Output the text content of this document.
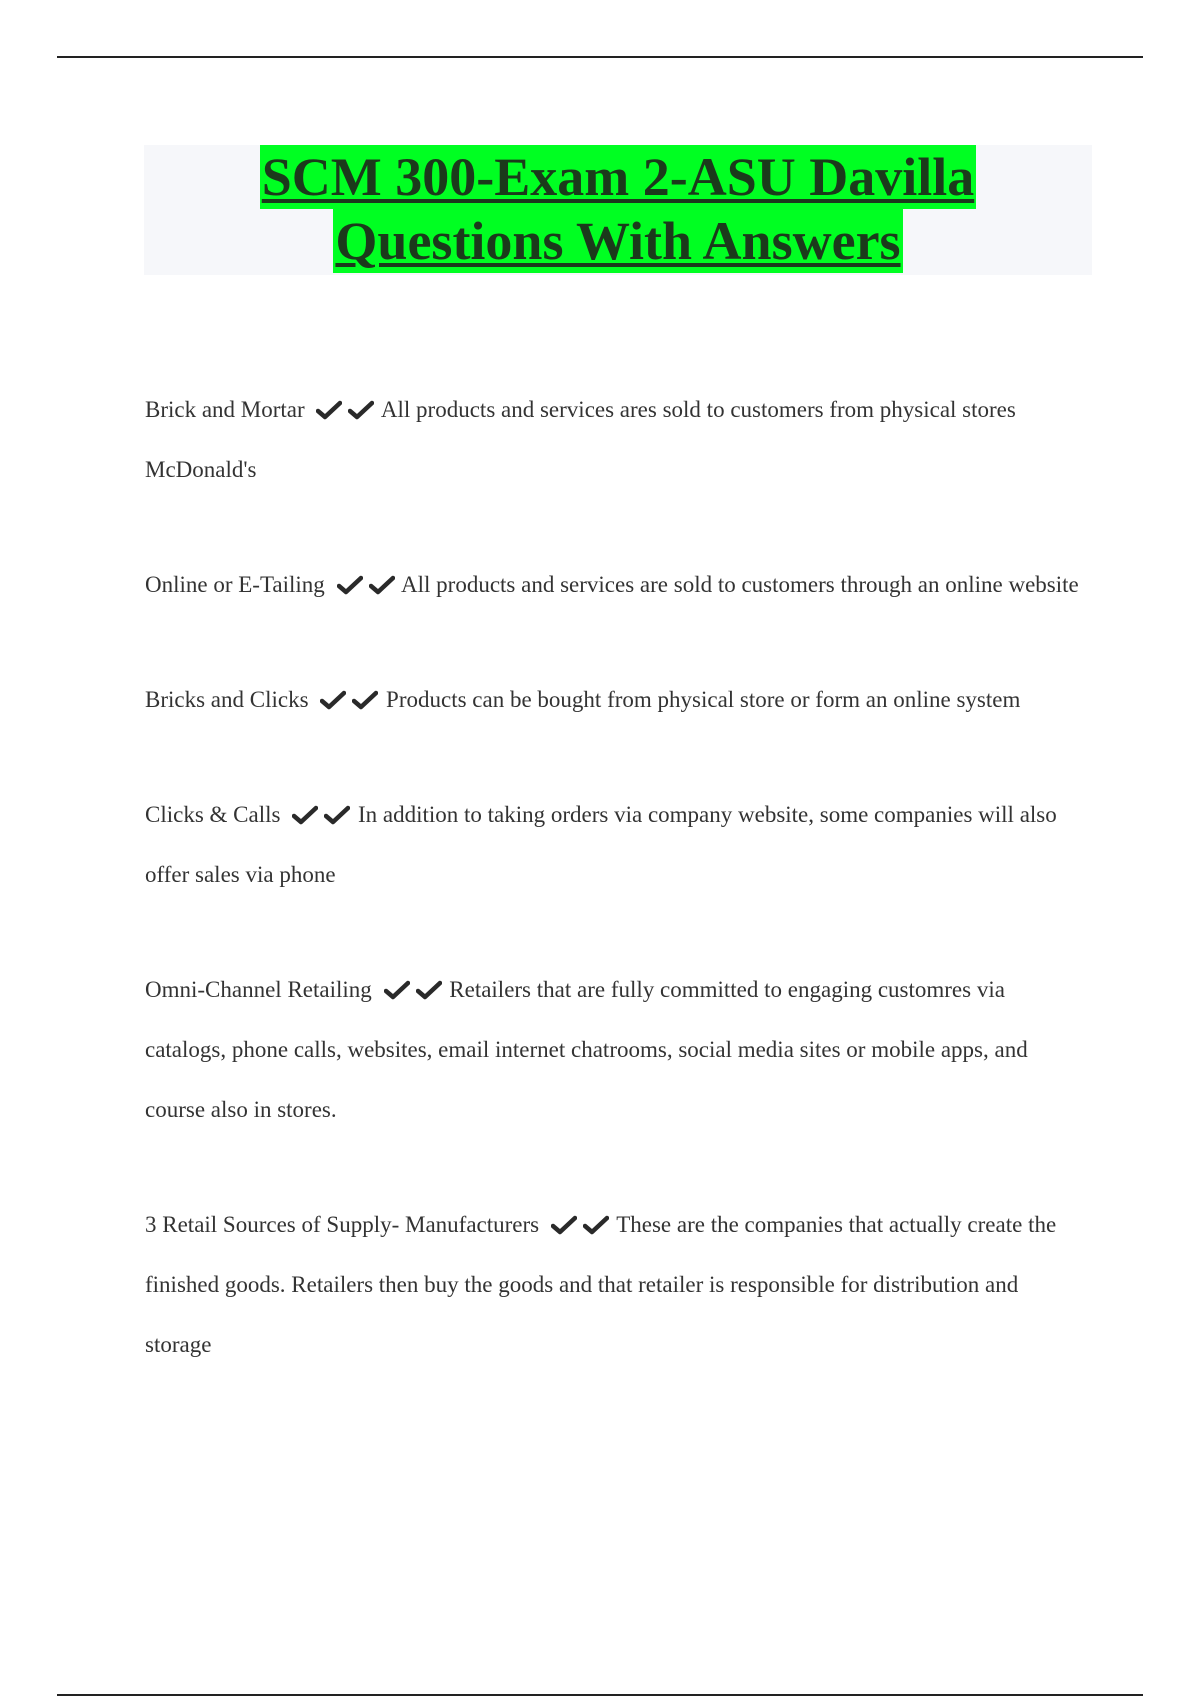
SCM 300-Exam 2-ASU Davilla
Questions With Answers

Brick and Mortar	All products and services ares sold to customers from physical stores McDonald's

Online or E-Tailing	All products and services are sold to customers through an online website

Bricks and Clicks	Products can be bought from physical store or form an online system

Clicks & Calls	In addition to taking orders via company website, some companies will also offer sales via phone

Omni-Channel Retailing	Retailers that are fully committed to engaging customres via catalogs, phone calls, websites, email internet chatrooms, social media sites or mobile apps, and course also in stores.

3 Retail Sources of Supply- Manufacturers	These are the companies that actually create the finished goods. Retailers then buy the goods and that retailer is responsible for distribution and storage
